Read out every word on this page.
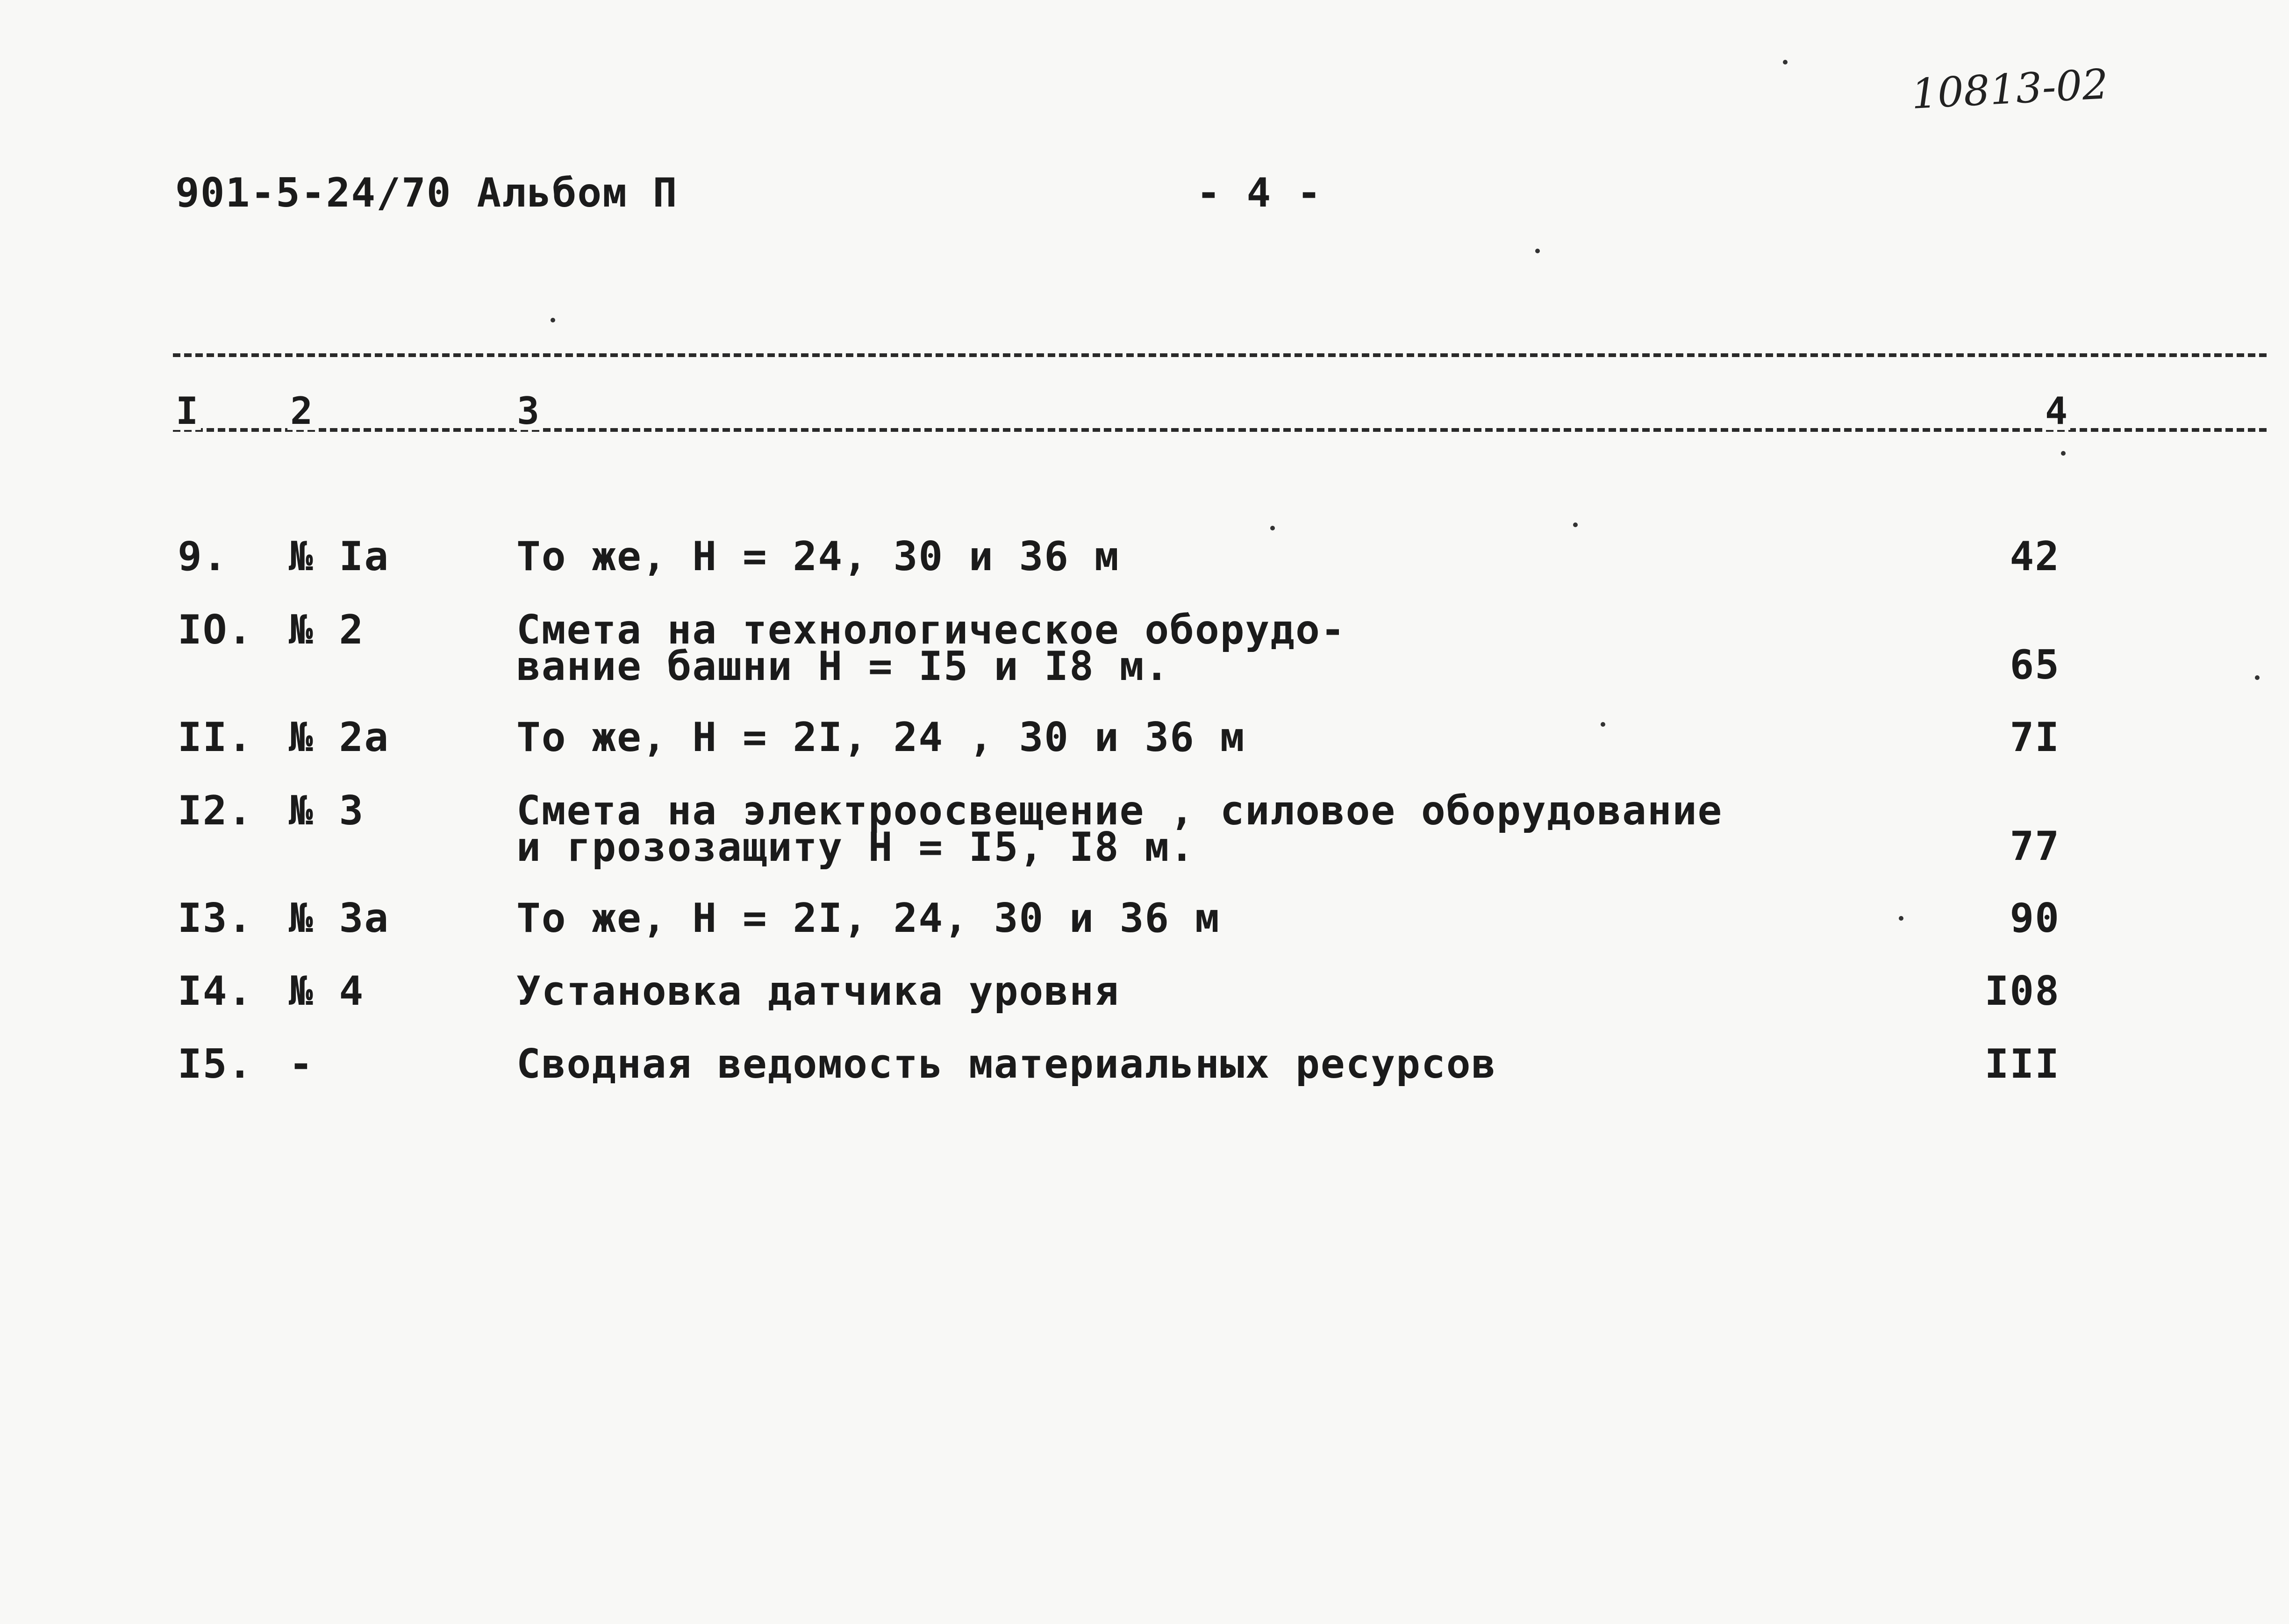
10813-02
901-5-24/70 Альбом П	- 4 -
I 2	3	4
9. № Iа	То же, Н = 24, 30 и 36 м	42
IO. № 2	Смета на технологическое оборудо-
вание башни Н = I5 и I8 м.	65
II. № 2а	То же, Н = 2I, 24 , 30 и 36 м	7I
I2. № 3	Смета на электроосвещение , силовое оборудование
и грозозащиту Н = I5, I8 м.	77
I3. № 3а	То же, Н = 2I, 24, 30 и 36 м	90
I4. № 4	Установка датчика уровня	I08
I5. -	Сводная ведомость материальных ресурсов	III
